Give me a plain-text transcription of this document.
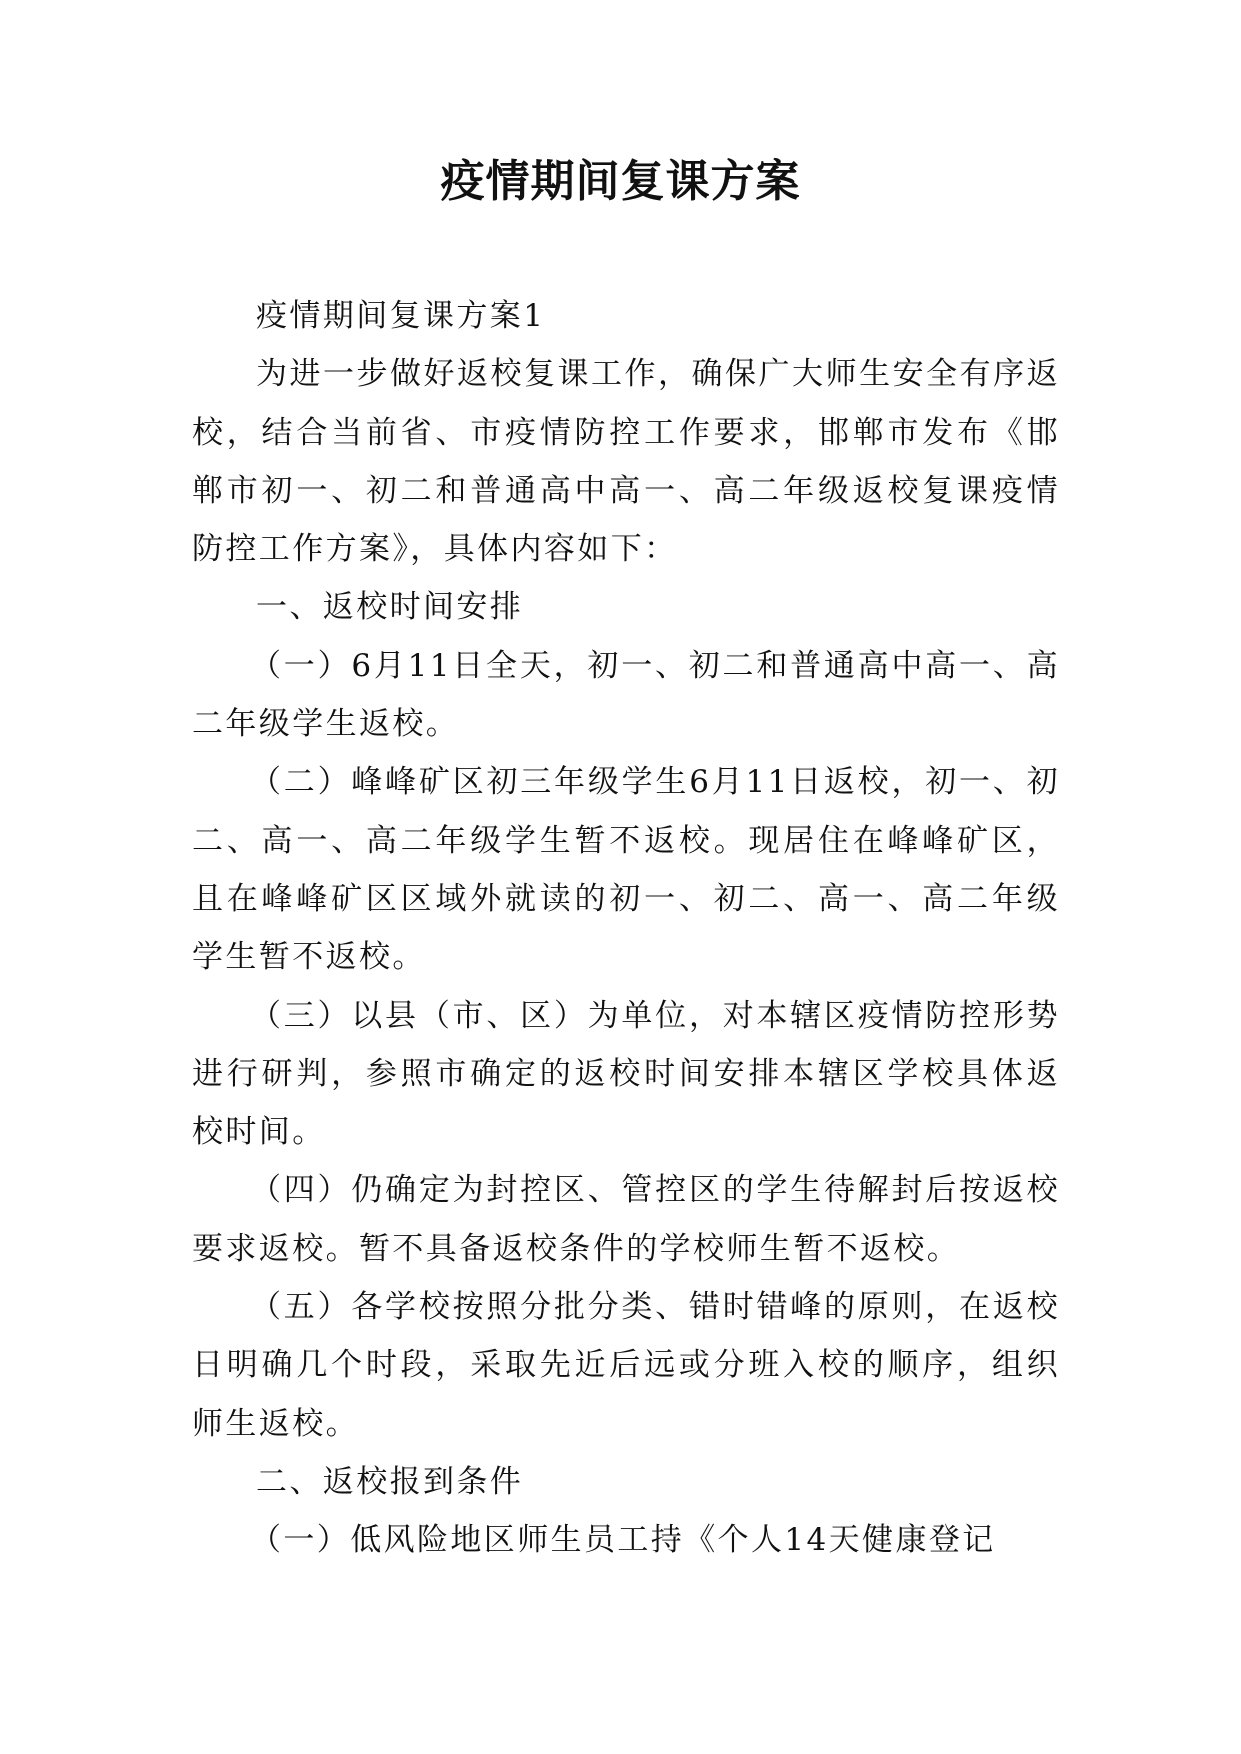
疫情期间复课方案

疫情期间复课方案1

为进一步做好返校复课工作，确保广大师生安全有序返校，结合当前省、市疫情防控工作要求，邯郸市发布《邯郸市初一、初二和普通高中高一、高二年级返校复课疫情防控工作方案》，具体内容如下：

一、返校时间安排

（一）6月11日全天，初一、初二和普通高中高一、高二年级学生返校。

（二）峰峰矿区初三年级学生6月11日返校，初一、初二、高一、高二年级学生暂不返校。现居住在峰峰矿区，且在峰峰矿区区域外就读的初一、初二、高一、高二年级学生暂不返校。

（三）以县（市、区）为单位，对本辖区疫情防控形势进行研判，参照市确定的返校时间安排本辖区学校具体返校时间。

（四）仍确定为封控区、管控区的学生待解封后按返校要求返校。暂不具备返校条件的学校师生暂不返校。

（五）各学校按照分批分类、错时错峰的原则，在返校日明确几个时段，采取先近后远或分班入校的顺序，组织师生返校。

二、返校报到条件

（一）低风险地区师生员工持《个人14天健康登记
